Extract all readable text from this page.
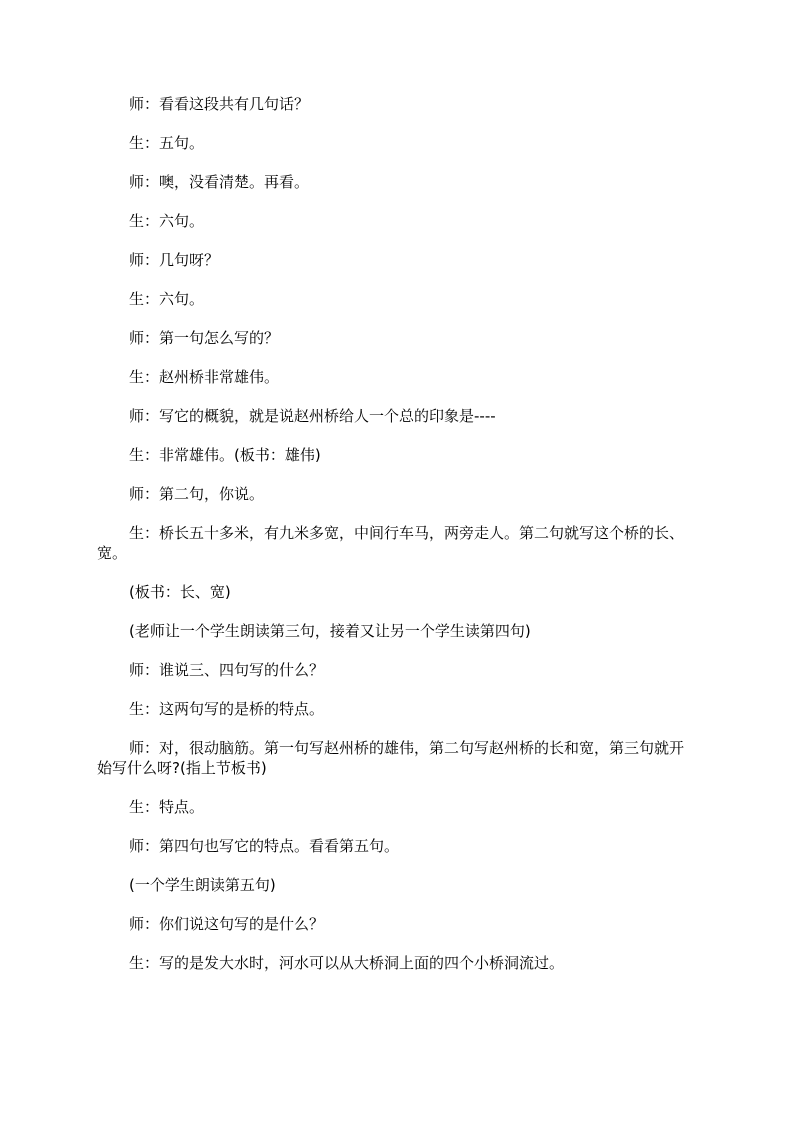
师：看看这段共有几句话？

生：五句。

师：噢，没看清楚。再看。

生：六句。

师：几句呀？

生：六句。

师：第一句怎么写的？

生：赵州桥非常雄伟。

师：写它的概貌，就是说赵州桥给人一个总的印象是----

生：非常雄伟。(板书：雄伟)

师：第二句，你说。

生：桥长五十多米，有九米多宽，中间行车马，两旁走人。第二句就写这个桥的长、宽。

(板书：长、宽)

(老师让一个学生朗读第三句，接着又让另一个学生读第四句)

师：谁说三、四句写的什么？

生：这两句写的是桥的特点。

师：对，很动脑筋。第一句写赵州桥的雄伟，第二句写赵州桥的长和宽，第三句就开始写什么呀?(指上节板书)

生：特点。

师：第四句也写它的特点。看看第五句。

(一个学生朗读第五句)

师：你们说这句写的是什么？

生：写的是发大水时，河水可以从大桥洞上面的四个小桥洞流过。
